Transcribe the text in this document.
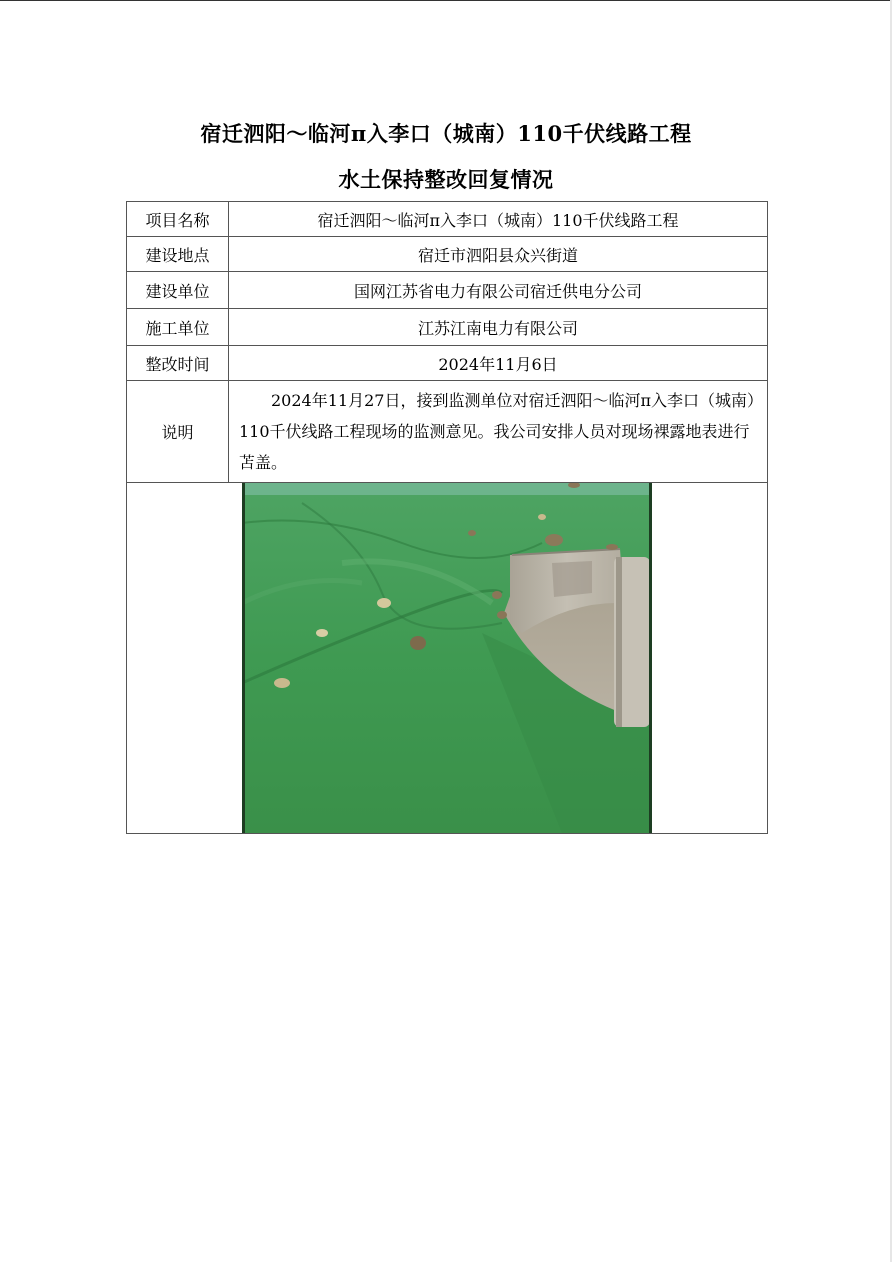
宿迁泗阳～临河π入李口（城南）110千伏线路工程
水土保持整改回复情况
项目名称	宿迁泗阳～临河π入李口（城南）110千伏线路工程
建设地点	宿迁市泗阳县众兴街道
建设单位	国网江苏省电力有限公司宿迁供电分公司
施工单位	江苏江南电力有限公司
整改时间	2024年11月6日
说明	2024年11月27日，接到监测单位对宿迁泗阳～临河π入李口（城南）110千伏线路工程现场的监测意见。我公司安排人员对现场裸露地表进行苫盖。
